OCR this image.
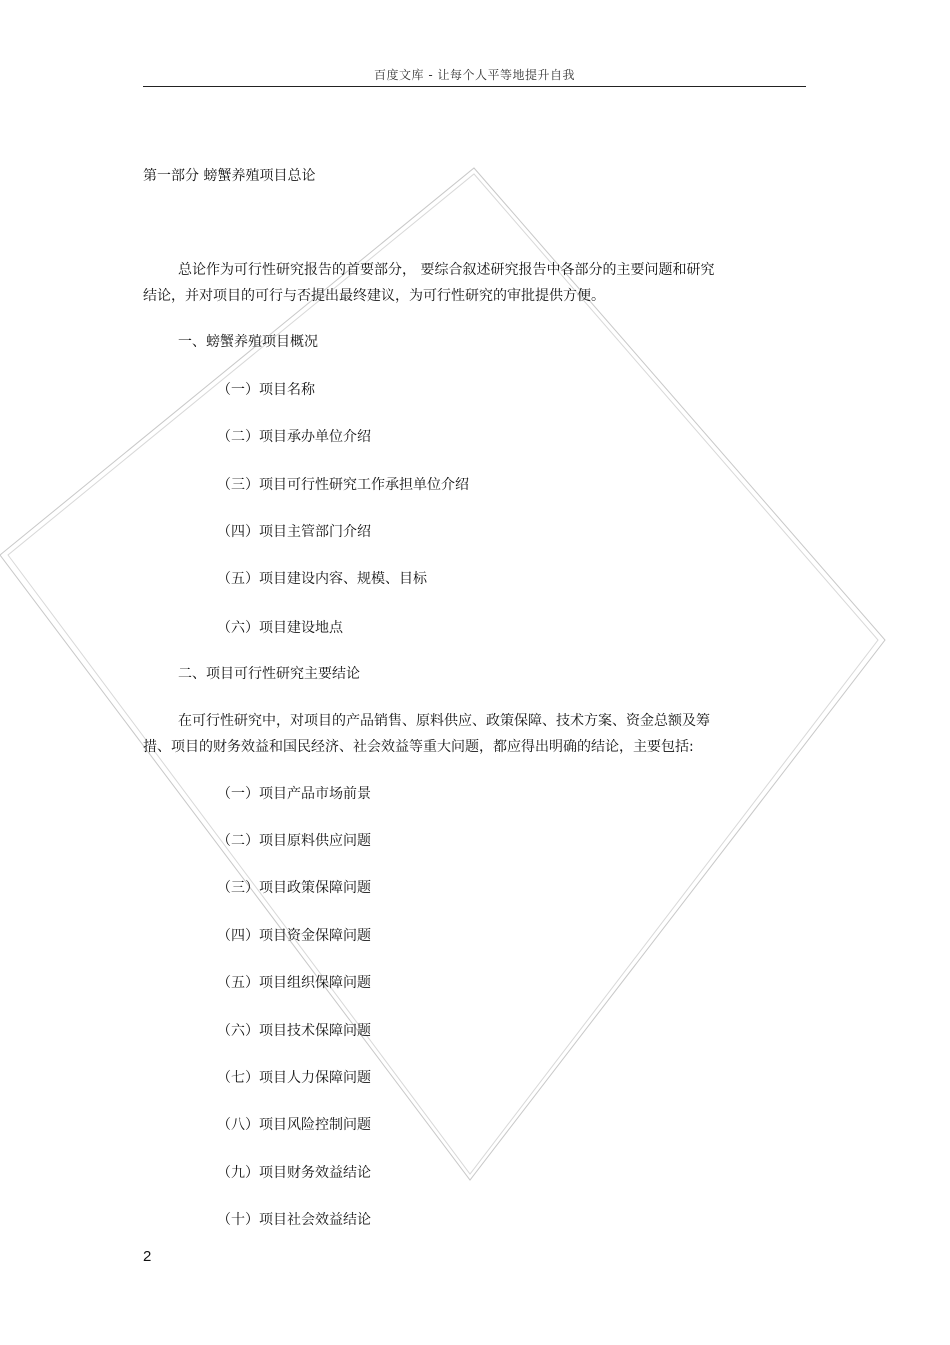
百度文库 - 让每个人平等地提升自我
第一部分 螃蟹养殖项目总论
总论作为可行性研究报告的首要部分， 要综合叙述研究报告中各部分的主要问题和研究
结论，并对项目的可行与否提出最终建议，为可行性研究的审批提供方便。
一、螃蟹养殖项目概况
（一）项目名称
（二）项目承办单位介绍
（三）项目可行性研究工作承担单位介绍
（四）项目主管部门介绍
（五）项目建设内容、规模、目标
（六）项目建设地点
二、项目可行性研究主要结论
在可行性研究中，对项目的产品销售、原料供应、政策保障、技术方案、资金总额及筹
措、项目的财务效益和国民经济、社会效益等重大问题，都应得出明确的结论，主要包括:
（一）项目产品市场前景
（二）项目原料供应问题
（三）项目政策保障问题
（四）项目资金保障问题
（五）项目组织保障问题
（六）项目技术保障问题
（七）项目人力保障问题
（八）项目风险控制问题
（九）项目财务效益结论
（十）项目社会效益结论
2
